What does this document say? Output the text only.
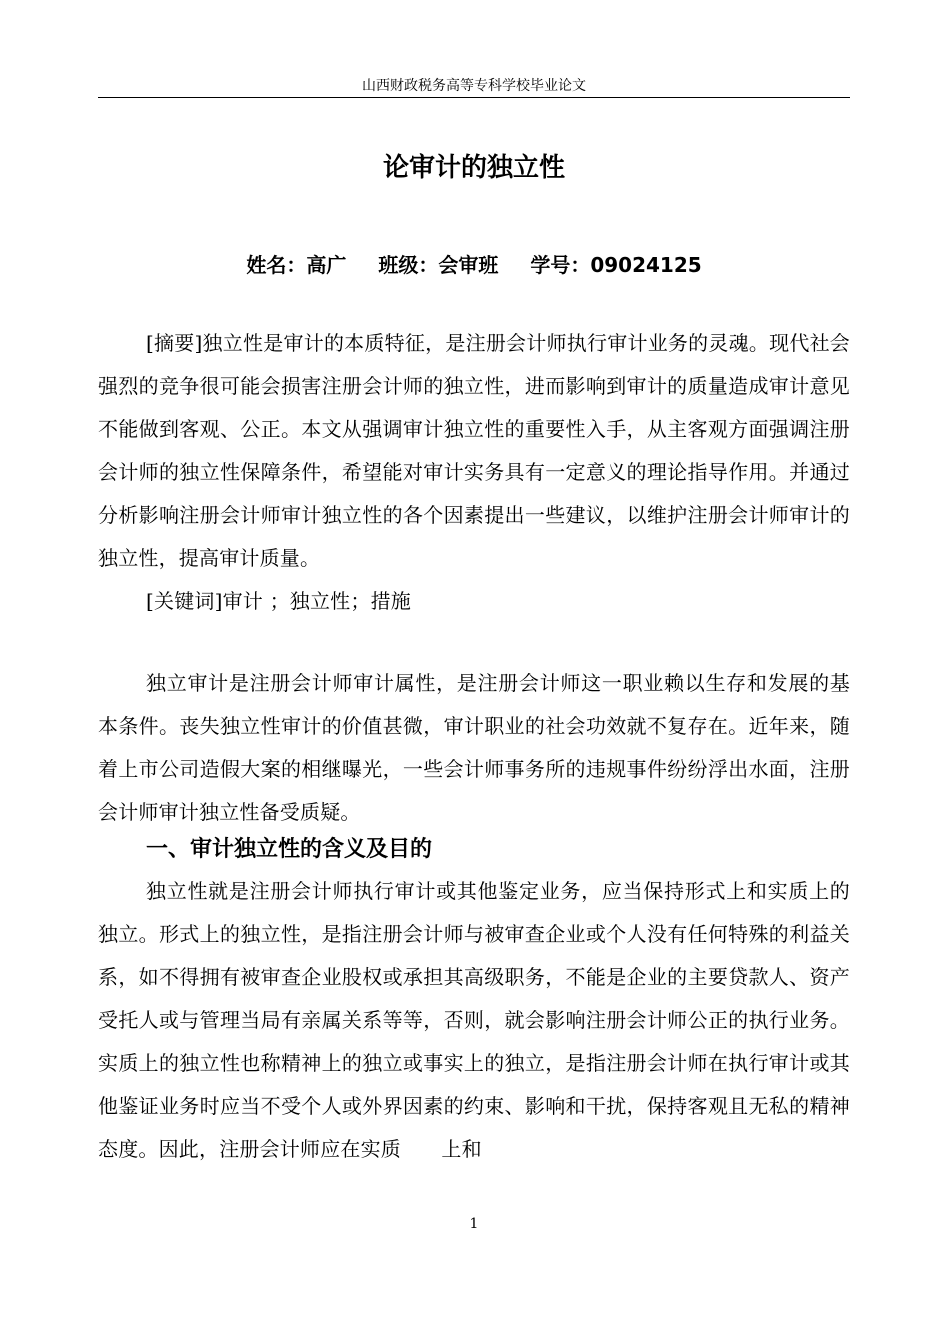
山西财政税务高等专科学校毕业论文
论审计的独立性
姓名：高广 班级：会审班 学号：09024125
[摘要]独立性是审计的本质特征，是注册会计师执行审计业务的灵魂。现代社会强烈的竞争很可能会损害注册会计师的独立性，进而影响到审计的质量造成审计意见不能做到客观、公正。本文从强调审计独立性的重要性入手，从主客观方面强调注册会计师的独立性保障条件，希望能对审计实务具有一定意义的理论指导作用。并通过分析影响注册会计师审计独立性的各个因素提出一些建议，以维护注册会计师审计的独立性，提高审计质量。
[关键词]审计 ；独立性；措施
独立审计是注册会计师审计属性，是注册会计师这一职业赖以生存和发展的基本条件。丧失独立性审计的价值甚微，审计职业的社会功效就不复存在。近年来，随着上市公司造假大案的相继曝光，一些会计师事务所的违规事件纷纷浮出水面，注册会计师审计独立性备受质疑。
一、审计独立性的含义及目的
独立性就是注册会计师执行审计或其他鉴定业务，应当保持形式上和实质上的独立。形式上的独立性，是指注册会计师与被审查企业或个人没有任何特殊的利益关系，如不得拥有被审查企业股权或承担其高级职务，不能是企业的主要贷款人、资产受托人或与管理当局有亲属关系等等，否则，就会影响注册会计师公正的执行业务。实质上的独立性也称精神上的独立或事实上的独立，是指注册会计师在执行审计或其他鉴证业务时应当不受个人或外界因素的约束、影响和干扰，保持客观且无私的精神态度。因此，注册会计师应在实质　　上和
1
